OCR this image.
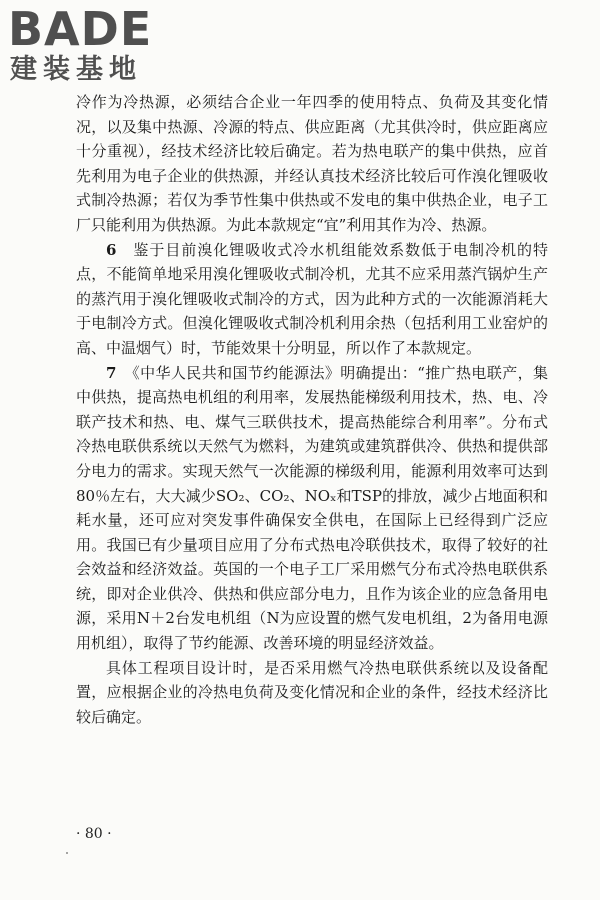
BADE
建装基地

冷作为冷热源，必须结合企业一年四季的使用特点、负荷及其变化情况，以及集中热源、冷源的特点、供应距离（尤其供冷时，供应距离应十分重视），经技术经济比较后确定。若为热电联产的集中供热，应首先利用为电子企业的供热源，并经认真技术经济比较后可作溴化锂吸收式制冷热源；若仅为季节性集中供热或不发电的集中供热企业，电子工厂只能利用为供热源。为此本款规定“宜”利用其作为冷、热源。

6　 鉴于目前溴化锂吸收式冷水机组能效系数低于电制冷机的特点，不能简单地采用溴化锂吸收式制冷机，尤其不应采用蒸汽锅炉生产的蒸汽用于溴化锂吸收式制冷的方式，因为此种方式的一次能源消耗大于电制冷方式。但溴化锂吸收式制冷机利用余热（包括利用工业窑炉的高、中温烟气）时，节能效果十分明显，所以作了本款规定。

7　 《中华人民共和国节约能源法》明确提出：“推广热电联产，集中供热，提高热电机组的利用率，发展热能梯级利用技术，热、电、冷联产技术和热、电、煤气三联供技术，提高热能综合利用率”。分布式冷热电联供系统以天然气为燃料，为建筑或建筑群供冷、供热和提供部分电力的需求。实现天然气一次能源的梯级利用，能源利用效率可达到80％左右，大大减少SO₂、CO₂、NOₓ和TSP的排放，减少占地面积和耗水量，还可应对突发事件确保安全供电，在国际上已经得到广泛应用。我国已有少量项目应用了分布式热电冷联供技术，取得了较好的社会效益和经济效益。英国的一个电子工厂采用燃气分布式冷热电联供系统，即对企业供冷、供热和供应部分电力，且作为该企业的应急备用电源，采用N＋2台发电机组（N为应设置的燃气发电机组，2为备用电源用机组），取得了节约能源、改善环境的明显经济效益。

具体工程项目设计时，是否采用燃气冷热电联供系统以及设备配置，应根据企业的冷热电负荷及变化情况和企业的条件，经技术经济比较后确定。

· 80 ·
